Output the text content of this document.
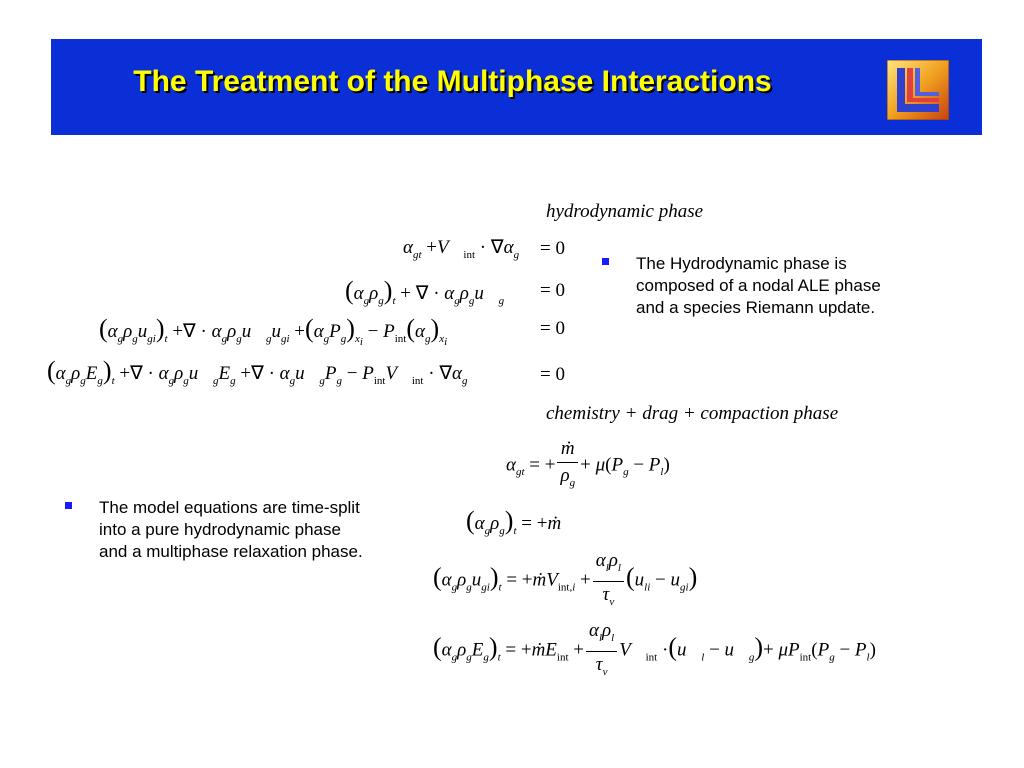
The Treatment of the Multiphase Interactions
hydrodynamic phase
$\alpha_{gt}$ $+V⃗_{int} \cdot \nabla\alpha_g = 0$
$(\alpha_g\rho_g)_t$ + ∇ · $\alpha_g\rho_gu⃗_g = 0$
$(\alpha_g\rho_gu_{gi})_t$ +∇ · $\alpha_g\rho_gu⃗_gu_{gi} +(\alpha_gP_g)_{x_i} - P_{int}(\alpha_g)_{x_i}$
= 0
$(\alpha_g\rho_gE_g)_t$ +∇ · $\alpha_g\rho_gu⃗_gE_g$ +∇ · $\alpha_gu⃗_gP_g$ − $P_{int}V⃗_{int} \cdot \nabla\alpha_g$	= 0
The Hydrodynamic phase is composed of a nodal ALE phase and a species Riemann update.
chemistry + drag + compaction phase
$\alpha_{gt}$ = + $\frac{\text{ṁ}}{\rho_g} + \mu(P_g - P_l)$
$(\alpha_g\rho_g)_t$ = +ṁ
$(\alpha_g\rho_gu_{gi})_t$ = +ṁV$_{int,i}$ + $\frac{\alpha_l\rho_l}{\tau_v} (u_{li} - u_{gi})$
$(\alpha_g\rho_gE_g)_t$ = +ṁE$_{int}$ + $\frac{\alpha_l\rho_l}{\tau_v}$ $V⃗_{int}$ $\cdot(u⃗_l$ − $u⃗_g)+ \mu P_{int}(P_g - P_l)$
The model equations are time-split into a pure hydrodynamic phase and a multiphase relaxation phase.
